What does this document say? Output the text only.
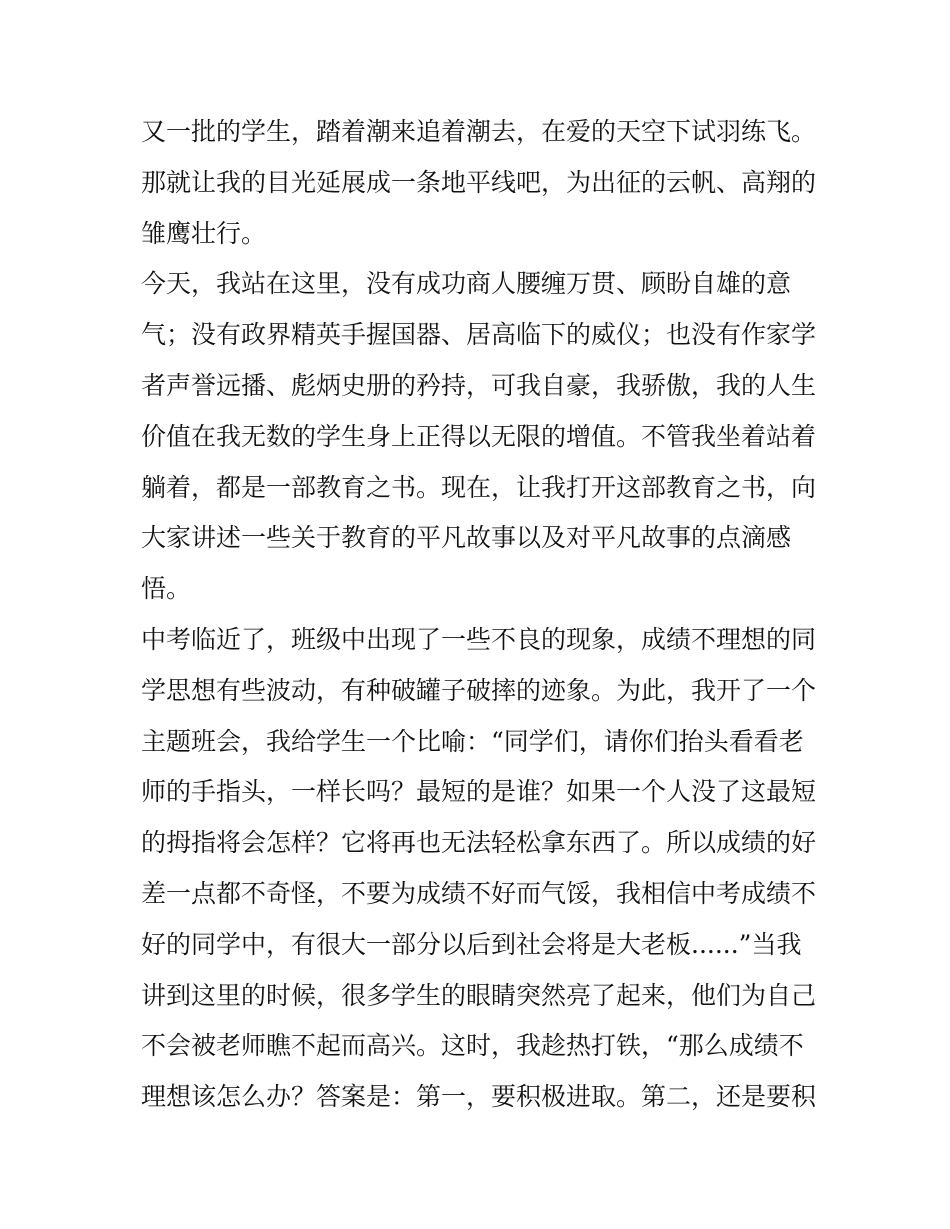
又一批的学生，踏着潮来追着潮去，在爱的天空下试羽练飞。
那就让我的目光延展成一条地平线吧，为出征的云帆、高翔的
雏鹰壮行。
今天，我站在这里，没有成功商人腰缠万贯、顾盼自雄的意
气；没有政界精英手握国器、居高临下的威仪；也没有作家学
者声誉远播、彪炳史册的矜持，可我自豪，我骄傲，我的人生
价值在我无数的学生身上正得以无限的增值。不管我坐着站着
躺着，都是一部教育之书。现在，让我打开这部教育之书，向
大家讲述一些关于教育的平凡故事以及对平凡故事的点滴感
悟。
中考临近了，班级中出现了一些不良的现象，成绩不理想的同
学思想有些波动，有种破罐子破摔的迹象。为此，我开了一个
主题班会，我给学生一个比喻：“同学们，请你们抬头看看老
师的手指头，一样长吗？最短的是谁？如果一个人没了这最短
的拇指将会怎样？它将再也无法轻松拿东西了。所以成绩的好
差一点都不奇怪，不要为成绩不好而气馁，我相信中考成绩不
好的同学中，有很大一部分以后到社会将是大老板......”当我
讲到这里的时候，很多学生的眼睛突然亮了起来，他们为自己
不会被老师瞧不起而高兴。这时，我趁热打铁，“那么成绩不
理想该怎么办？答案是：第一，要积极进取。第二，还是要积
